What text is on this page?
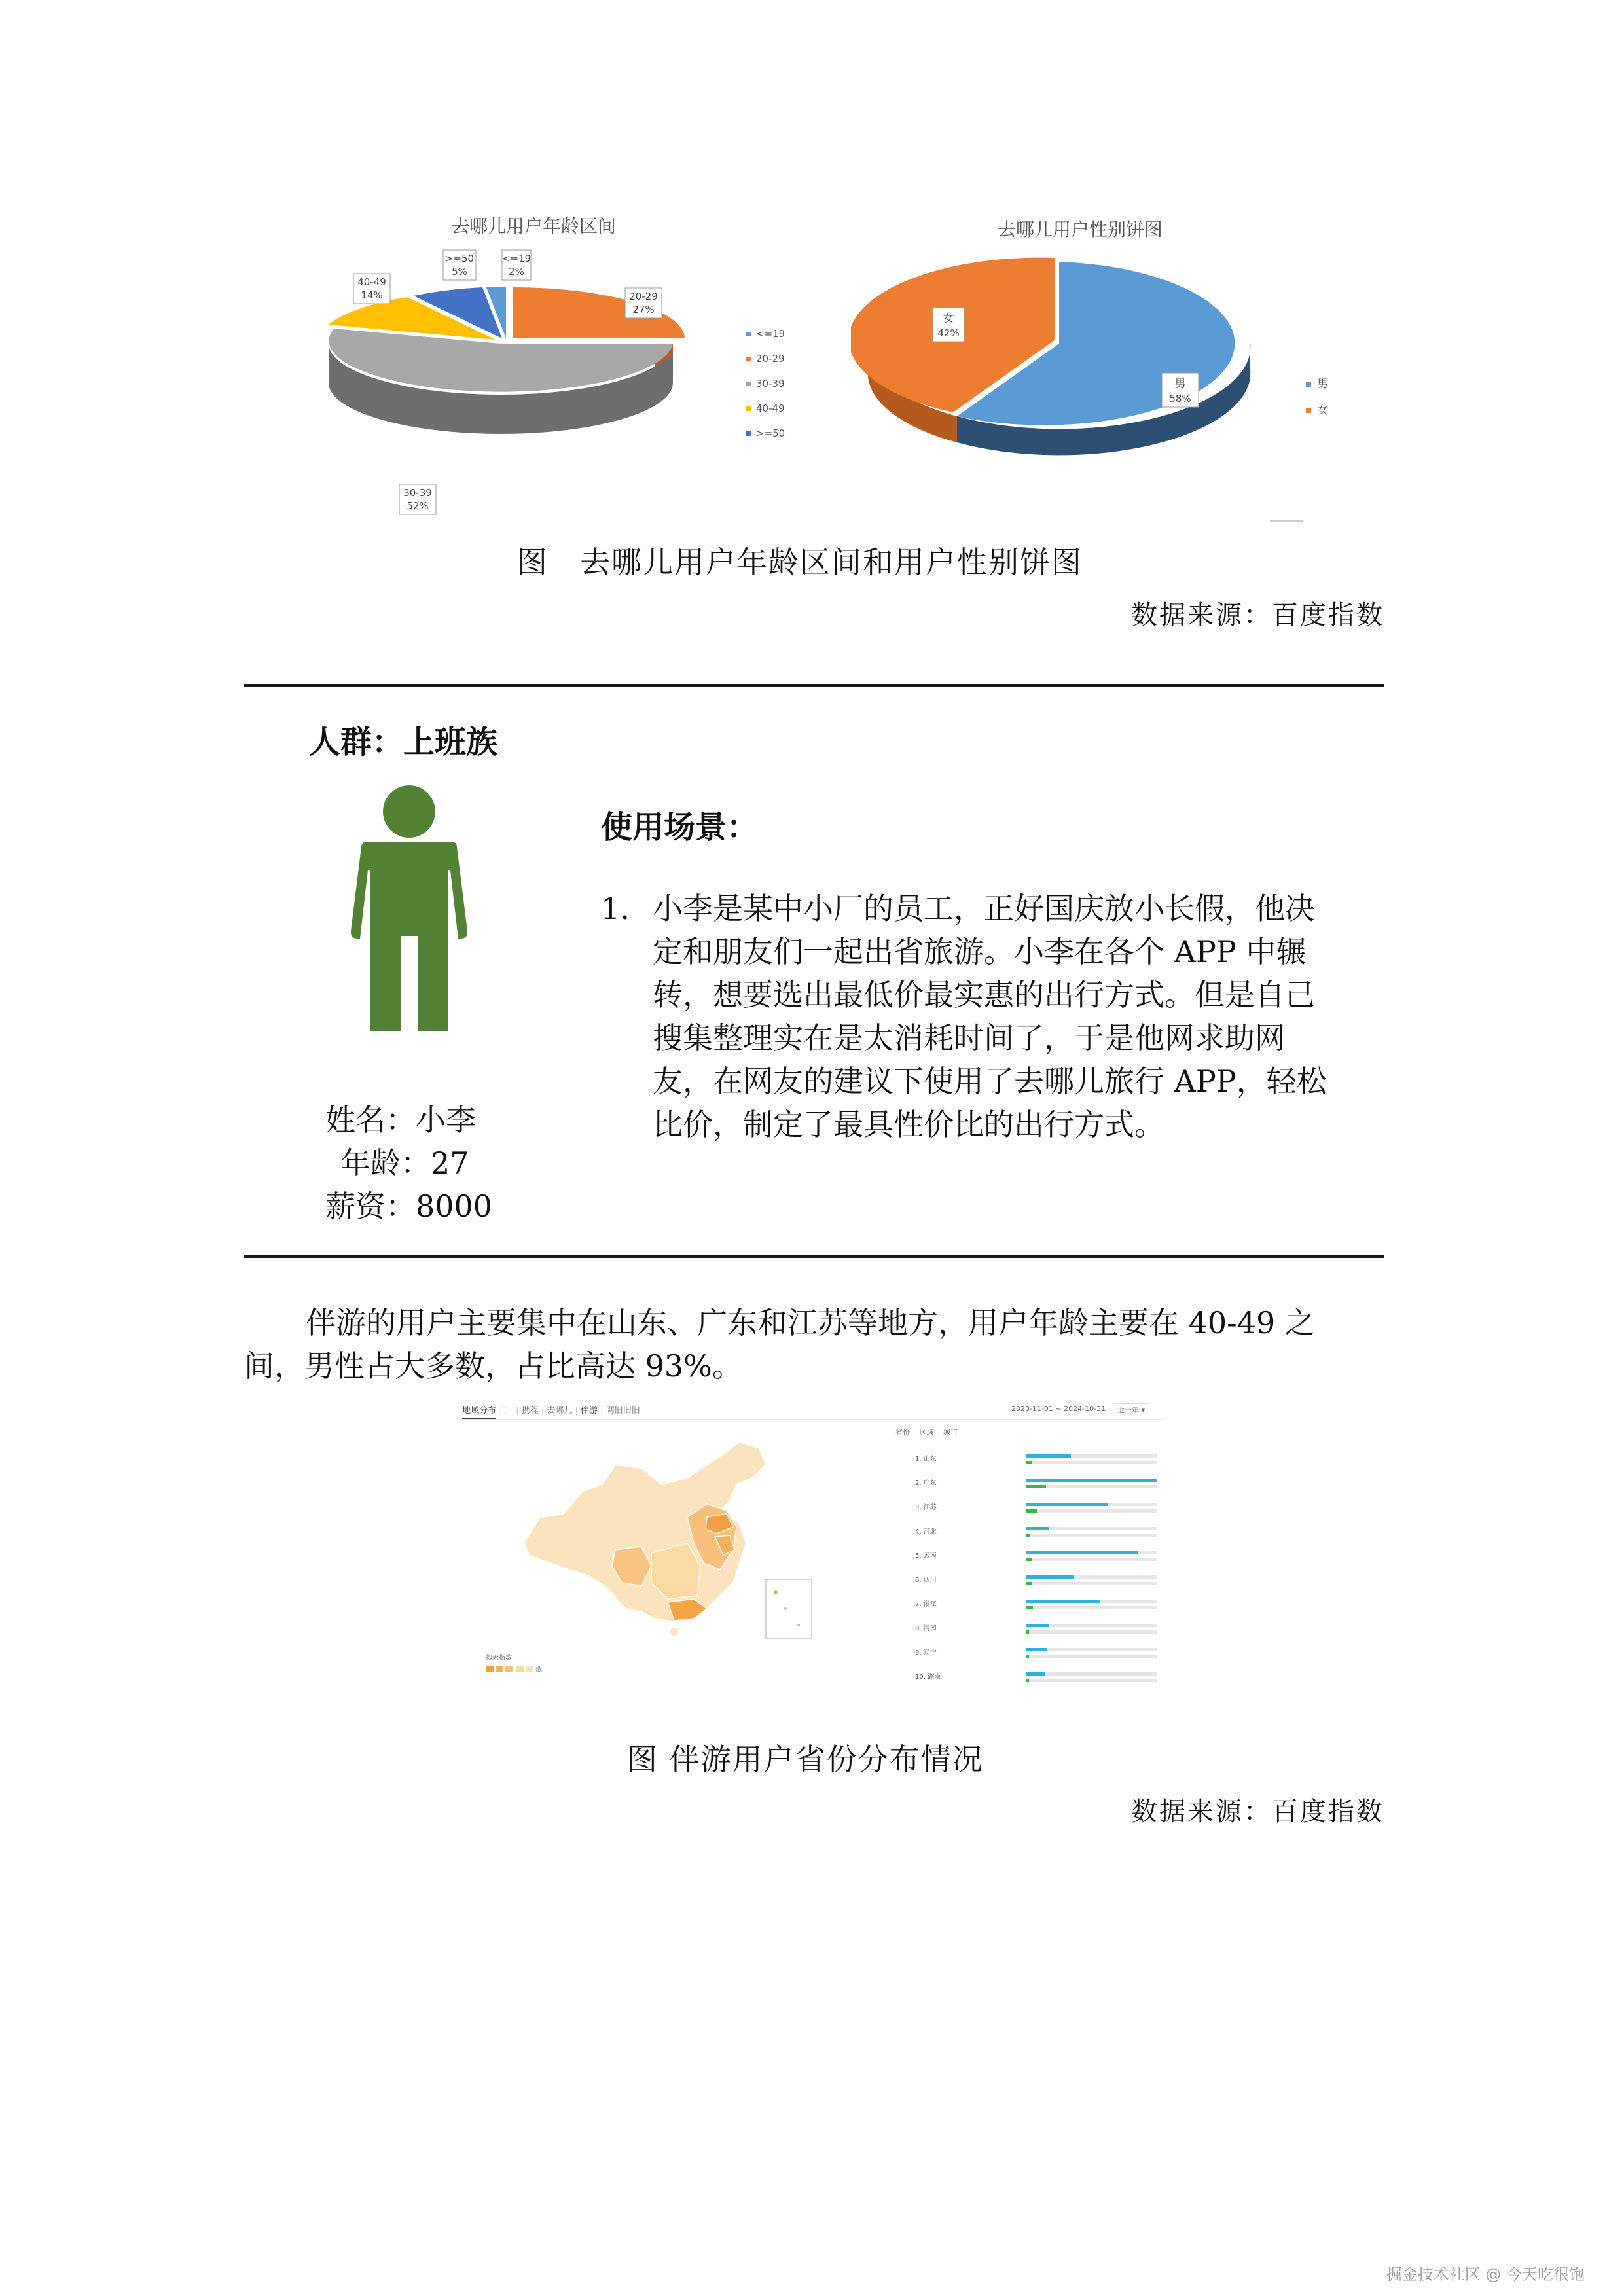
去哪儿用户年龄区间
<=19
2%
20-29
27%
30-39
52%
40-49
14%
>=50
5%
<=19
20-29
30-39
40-49
>=50
去哪儿用户性别饼图
女
42%
男
58%
男
女
图　去哪儿用户年龄区间和用户性别饼图
数据来源：百度指数
人群：上班族
姓名：小李
年龄：27
薪资：8000
使用场景：
1. 小李是某中小厂的员工，正好国庆放小长假，他决
定和朋友们一起出省旅游。小李在各个 APP 中辗
转，想要选出最低价最实惠的出行方式。但是自己
搜集整理实在是太消耗时间了，于是他网求助网
友，在网友的建议下使用了去哪儿旅行 APP，轻松
比价，制定了最具性价比的出行方式。
伴游的用户主要集中在山东、广东和江苏等地方，用户年龄主要在 40-49 之
间，男性占大多数，占比高达 93%。
地域分布 ⓘ　| 携程 | 去哪儿 | 伴游 | 网旧旧旧	2023-11-01 ~ 2024-10-31	近一年 ▾
省份　 区域　 城市
搜索指数
低
1. 山东
2. 广东
3. 江苏
4. 河北
5. 云南
6. 四川
7. 浙江
8. 河南
9. 辽宁
10. 湖南
图 伴游用户省份分布情况
数据来源：百度指数
掘金技术社区 @ 今天吃很饱
